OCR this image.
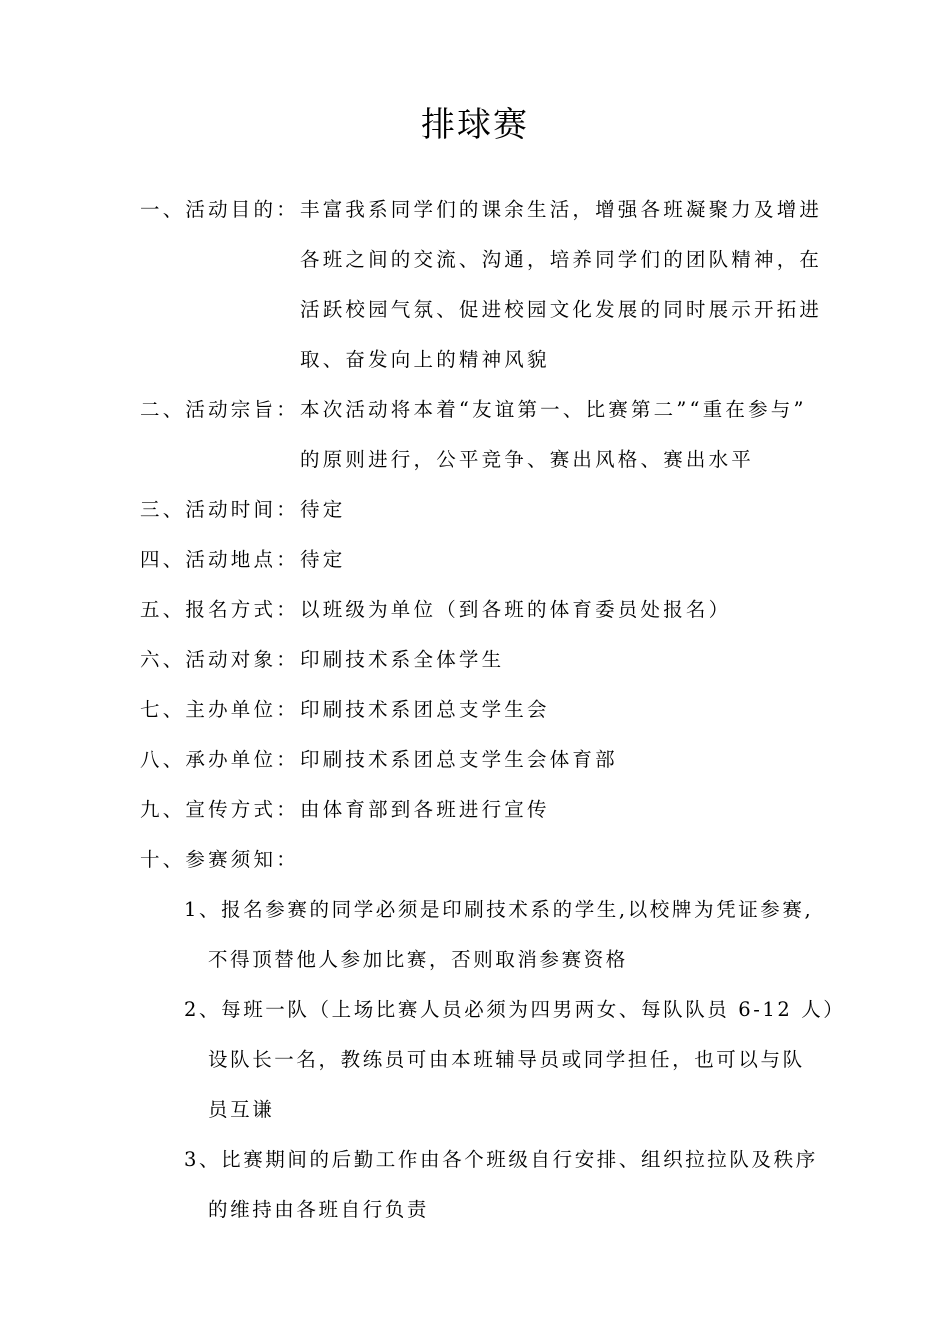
排球赛
一、活动目的： 丰富我系同学们的课余生活，增强各班凝聚力及增进
各班之间的交流、沟通，培养同学们的团队精神，在
活跃校园气氛、促进校园文化发展的同时展示开拓进
取、奋发向上的精神风貌
二、活动宗旨： 本次活动将本着“友谊第一、比赛第二”“重在参与”
的原则进行，公平竞争、赛出风格、赛出水平
三、活动时间： 待定
四、活动地点： 待定
五、报名方式： 以班级为单位（到各班的体育委员处报名）
六、活动对象： 印刷技术系全体学生
七、主办单位： 印刷技术系团总支学生会
八、承办单位： 印刷技术系团总支学生会体育部
九、宣传方式： 由体育部到各班进行宣传
十、参赛须知：
1、报名参赛的同学必须是印刷技术系的学生,以校牌为凭证参赛,
不得顶替他人参加比赛，否则取消参赛资格
2、每班一队（上场比赛人员必须为四男两女、每队队员 6-12 人）
设队长一名，教练员可由本班辅导员或同学担任，也可以与队
员互谦
3、比赛期间的后勤工作由各个班级自行安排、组织拉拉队及秩序
的维持由各班自行负责
